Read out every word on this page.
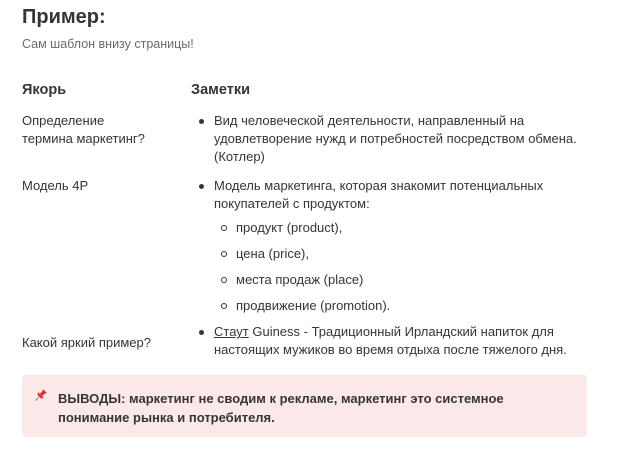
Пример:
Сам шаблон внизу страницы!
Якорь	Заметки
Определение
термина маркетинг?
Вид человеческой деятельности, направленный на удовлетворение нужд и потребностей посредством обмена. (Котлер)
Модель 4Р	Модель маркетинга, которая знакомит потенциальных покупателей с продуктом:
продукт (product),
цена (price),
места продаж (place)
продвижение (promotion).
Какой яркий пример?
Стаут Guiness - Традиционный Ирландский напиток для настоящих мужиков во время отдыха после тяжелого дня.
ВЫВОДЫ: маркетинг не сводим к рекламе, маркетинг это системное понимание рынка и потребителя.
